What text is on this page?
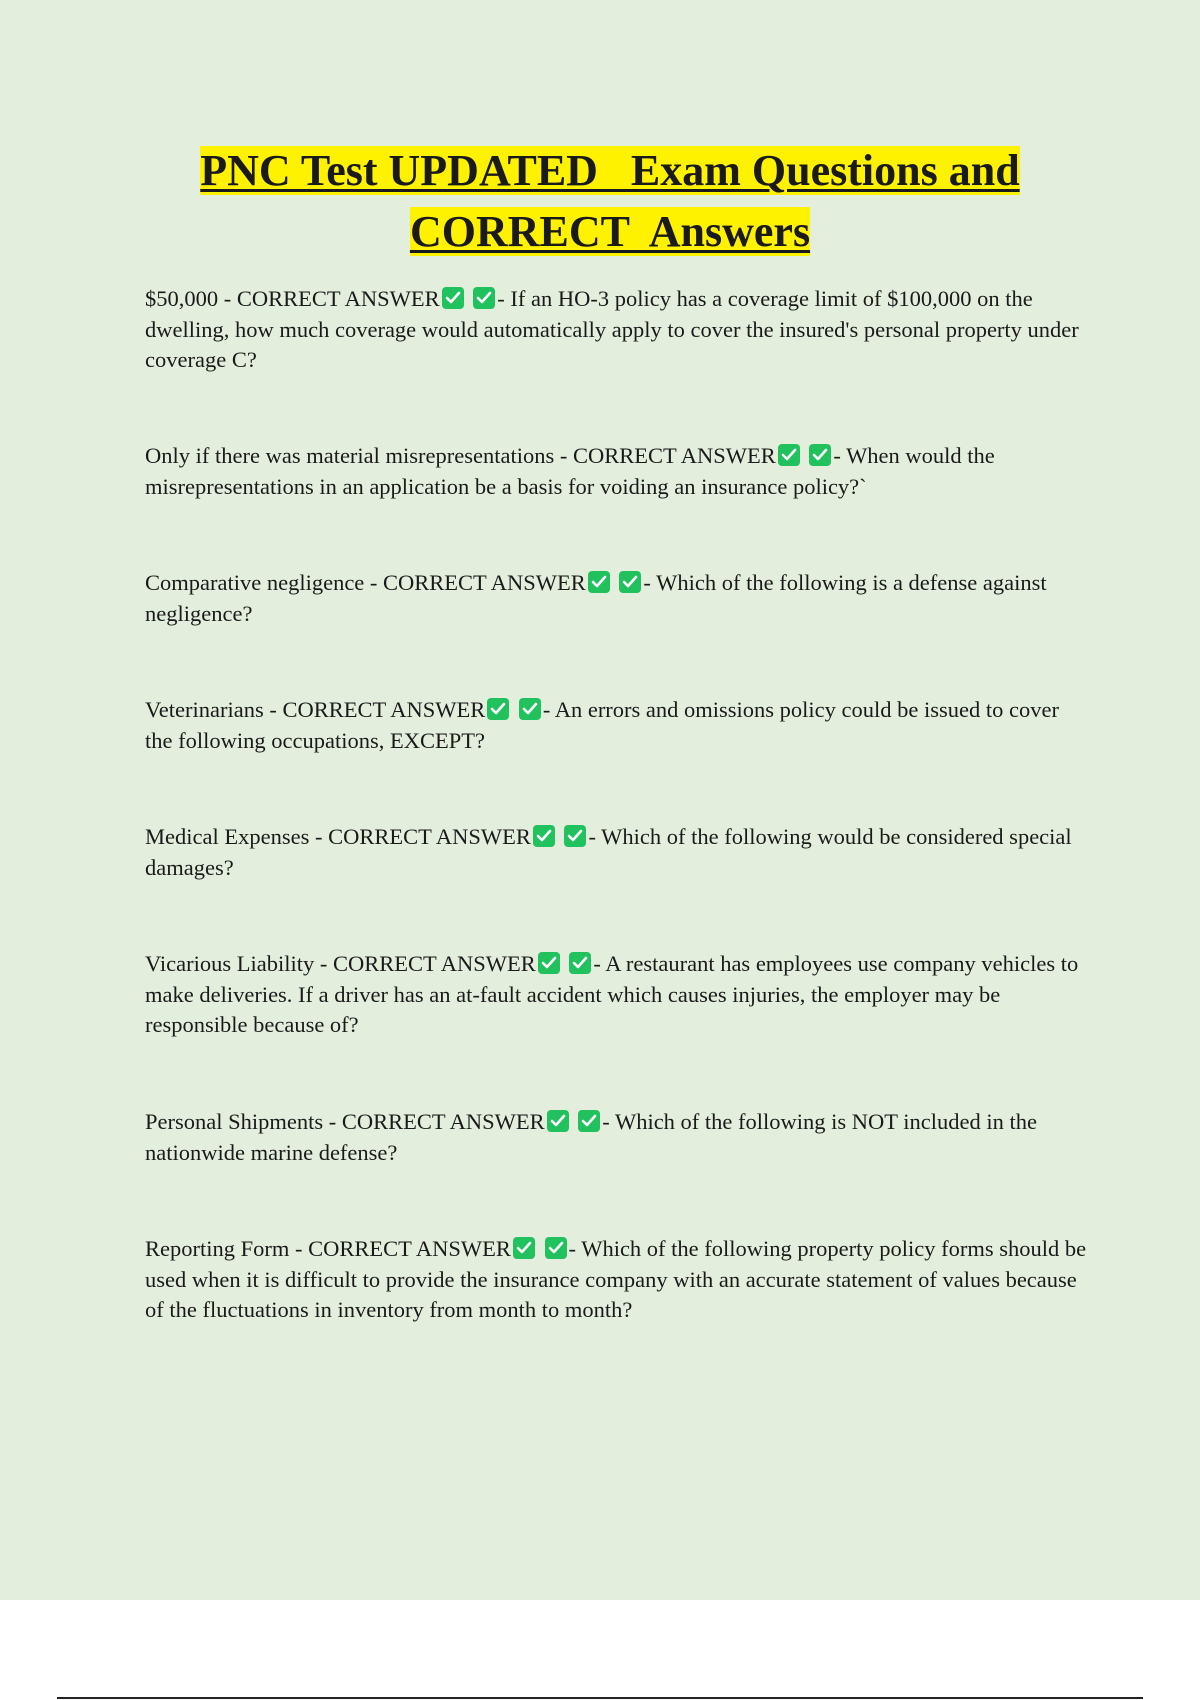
PNC Test UPDATED   Exam Questions and
CORRECT  Answers
$50,000 - CORRECT ANSWER
	- If an HO-3 policy has a coverage limit of $100,000 on the dwelling, how much coverage would automatically apply to cover the insured's personal property under coverage C?
Only if there was material misrepresentations - CORRECT ANSWER
	- When would the misrepresentations in an application be a basis for voiding an insurance policy?`
Comparative negligence - CORRECT ANSWER
	- Which of the following is a defense against negligence?
Veterinarians - CORRECT ANSWER
	- An errors and omissions policy could be issued to cover the following occupations, EXCEPT?
Medical Expenses - CORRECT ANSWER
	- Which of the following would be considered special damages?
Vicarious Liability - CORRECT ANSWER
	- A restaurant has employees use company vehicles to make deliveries. If a driver has an at-fault accident which causes injuries, the employer may be responsible because of?
Personal Shipments - CORRECT ANSWER
	- Which of the following is NOT included in the nationwide marine defense?
Reporting Form - CORRECT ANSWER
	- Which of the following property policy forms should be used when it is difficult to provide the insurance company with an accurate statement of values because of the fluctuations in inventory from month to month?
